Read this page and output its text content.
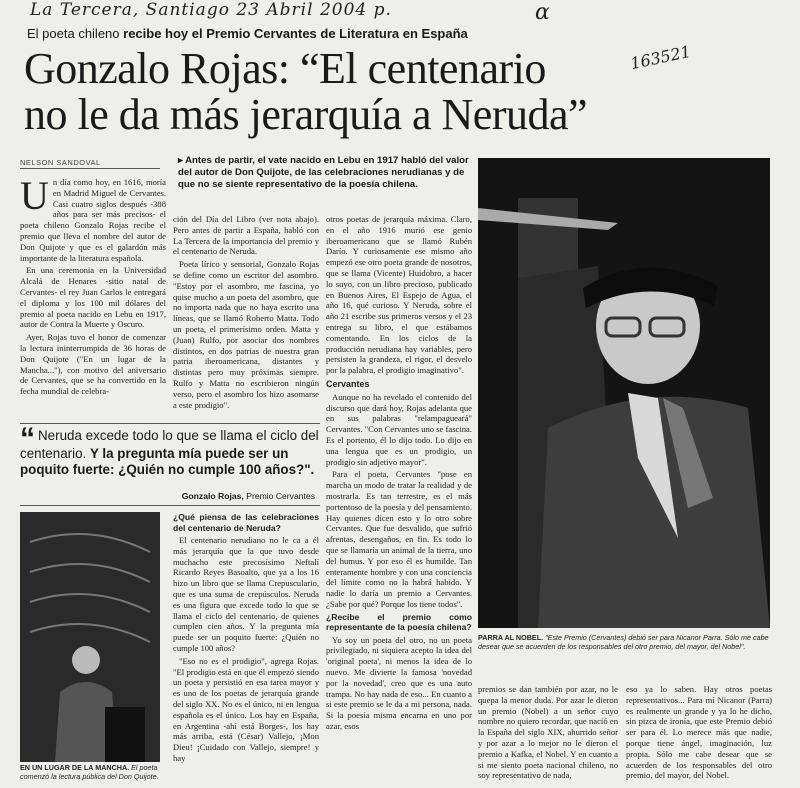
La Tercera, Santiago 23 Abril 2004 p.	α
163521
El poeta chileno recibe hoy el Premio Cervantes de Literatura en España
Gonzalo Rojas: “El centenario
no le da más jerarquía a Neruda”
NELSON SANDOVAL	▸ Antes de partir, el vate nacido en Lebu en 1917 habló del valor del autor de Don Quijote, de las celebraciones nerudianas y de que no se siente representativo de la poesía chilena.

Un día como hoy, en 1616, moría en Madrid Miguel de Cervantes. Casi cuatro siglos después -388 años para ser más precisos- el poeta chileno Gonzalo Rojas recibe el premio que lleva el nombre del autor de Don Quijote y que es el galardón más importante de la literatura española.

En una ceremonia en la Universidad Alcalá de Henares -sitio natal de Cervantes- el rey Juan Carlos le entregará el diploma y los 100 mil dólares del premio al poeta nacido en Lebu en 1917, autor de Contra la Muerte y Oscuro.

Ayer, Rojas tuvo el honor de comenzar la lectura ininterrumpida de 36 horas de Don Quijote ("En un lugar de la Mancha..."), con motivo del aniversario de Cervantes, que se ha convertido en la fecha mundial de celebra-

ción del Día del Libro (ver nota abajo). Pero antes de partir a España, habló con La Tercera de la importancia del premio y el centenario de Neruda.

Poeta lírico y sensorial, Gonzalo Rojas se define como un escritor del asombro. "Estoy por el asombro, me fascina, yo quise mucho a un poeta del asombro, que no importa nada que no haya escrito una líneas, que se llamó Roberto Matta. Todo un poeta, el primerísimo orden. Matta y (Juan) Rulfo, por asociar dos nombres distintos, en dos patrias de nuestra gran patria iberoamericana, distantes y distintas pero muy próximas siempre. Rulfo y Matta no escribieron ningún verso, pero el asombro los hizo asomarse a este prodigio".

otros poetas de jerarquía máxima. Claro, en el año 1916 murió ese genio iberoamericano que se llamó Rubén Darío. Y curiosamente ese mismo año empezó ese otro poeta grande de nosotros, que se llama (Vicente) Huidobro, a hacer lo suyo, con un libro precioso, publicado en Buenos Aires, El Espejo de Agua, el año 16, qué curioso. Y Neruda, sobre el año 21 escribe sus primeros versos y el 23 entrega su libro, el que estábamos comentando. En los ciclos de la producción nerudiana hay variables, pero persisten la grandeza, el rigor, el desvelo por la palabra, el prodigio imaginativo".

Cervantes

Aunque no ha revelado el contenido del discurso que dará hoy, Rojas adelanta que en sus palabras "relampagueará" Cervantes. "Con Cervantes uno se fascina. Es el portento, él lo dijo todo. Lo dijo en una lengua que es un prodigio, un prodigio sin adjetivo mayor".

Para el poeta, Cervantes "pose en marcha un modo de tratar la realidad y de mostrarla. Es tan terrestre, es el más portentoso de la poesía y del pensamiento. Hay quienes dicen esto y lo otro sobre Cervantes. Que fue desvalido, que sufrió afrentas, desengaños, en fin. Es todo lo que se llamaría un animal de la tierra, uno del humus. Y por eso él es humilde. Tan enteramente hombre y con una conciencia del límite como no la habrá habido. Y nadie lo daría un premio a Cervantes. ¿Sabe por qué? Porque los tiene todos".

¿Recibe el premio como representante de la poesía chilena?

Yo soy un poeta del otro, no un poeta privilegiado, ni siquiera acepto la idea del 'original poeta', ni menos la idea de lo nuevo. Me divierte la famosa 'novedad por la novedad', creo que es una auto trampa. No hay nada de eso... En cuanto a si este premio se le da a mi persona, nada. Si la poesía misma encarna en uno por azar, esos

“ Neruda excede todo lo que se llama el ciclo del centenario. Y la pregunta mía puede ser un poquito fuerte: ¿Quién no cumple 100 años?".
Gonzalo Rojas, Premio Cervantes
EN UN LUGAR DE LA MANCHA. El poeta comenzó la lectura pública del Don Quijote.
¿Qué piensa de las celebraciones del centenario de Neruda?

El centenario nerudiano no le ca a él más jerarquía que la que tuvo desde muchacho este precosísimo Neftalí Ricardo Reyes Basoalto, que ya a los 16 hizo un libro que se llama Crepusculario, que es una suma de crepúsculos. Neruda es una figura que excede todo lo que se llama el ciclo del centenario, de quienes cumplen cien años. Y la pregunta mía puede ser un poquito fuerte: ¿Quién no cumple 100 años?

"Eso no es el prodigio", agrega Rojas. "El prodigio está en que él empezó siendo un poeta y persistió en esa tarea mayor y es uno de los poetas de jerarquía grande del siglo XX. No es el único, ni en lengua española es el único. Los hay en España, en Argentina -ahí está Borges-, los hay más arriba, está (César) Vallejo, ¡Mon Dieu! ¡Cuidado con Vallejo, siempre! y hay

PARRA AL NOBEL. "Este Premio (Cervantes) debió ser para Nicanor Parra. Sólo me cabe desear que se acuerden de los responsables del otro premio, del mayor, del Nobel".

premios se dan también por azar, no le quepa la menor duda. Por azar le dieron un premio (Nobel) a un señor cuyo nombre no quiero recordar, que nació en la España del siglo XIX, ahurrido señor y por azar a lo mejor no le dieron el premio a Kafka, el Nobel. Y en cuanto a si me siento poeta nacional chileno, no soy representativo de nada,

eso ya lo saben. Hay otros poetas representativos... Para mí Nicanor (Parra) es realmente un grande y ya lo he dicho, sin pizca de ironía, que este Premio debió ser para él. Lo merece más que nadie, porque tiene ángel, imaginación, luz propia. Sólo me cabe desear que se acuerden de los responsables del otro premio, del mayor, del Nobel.
